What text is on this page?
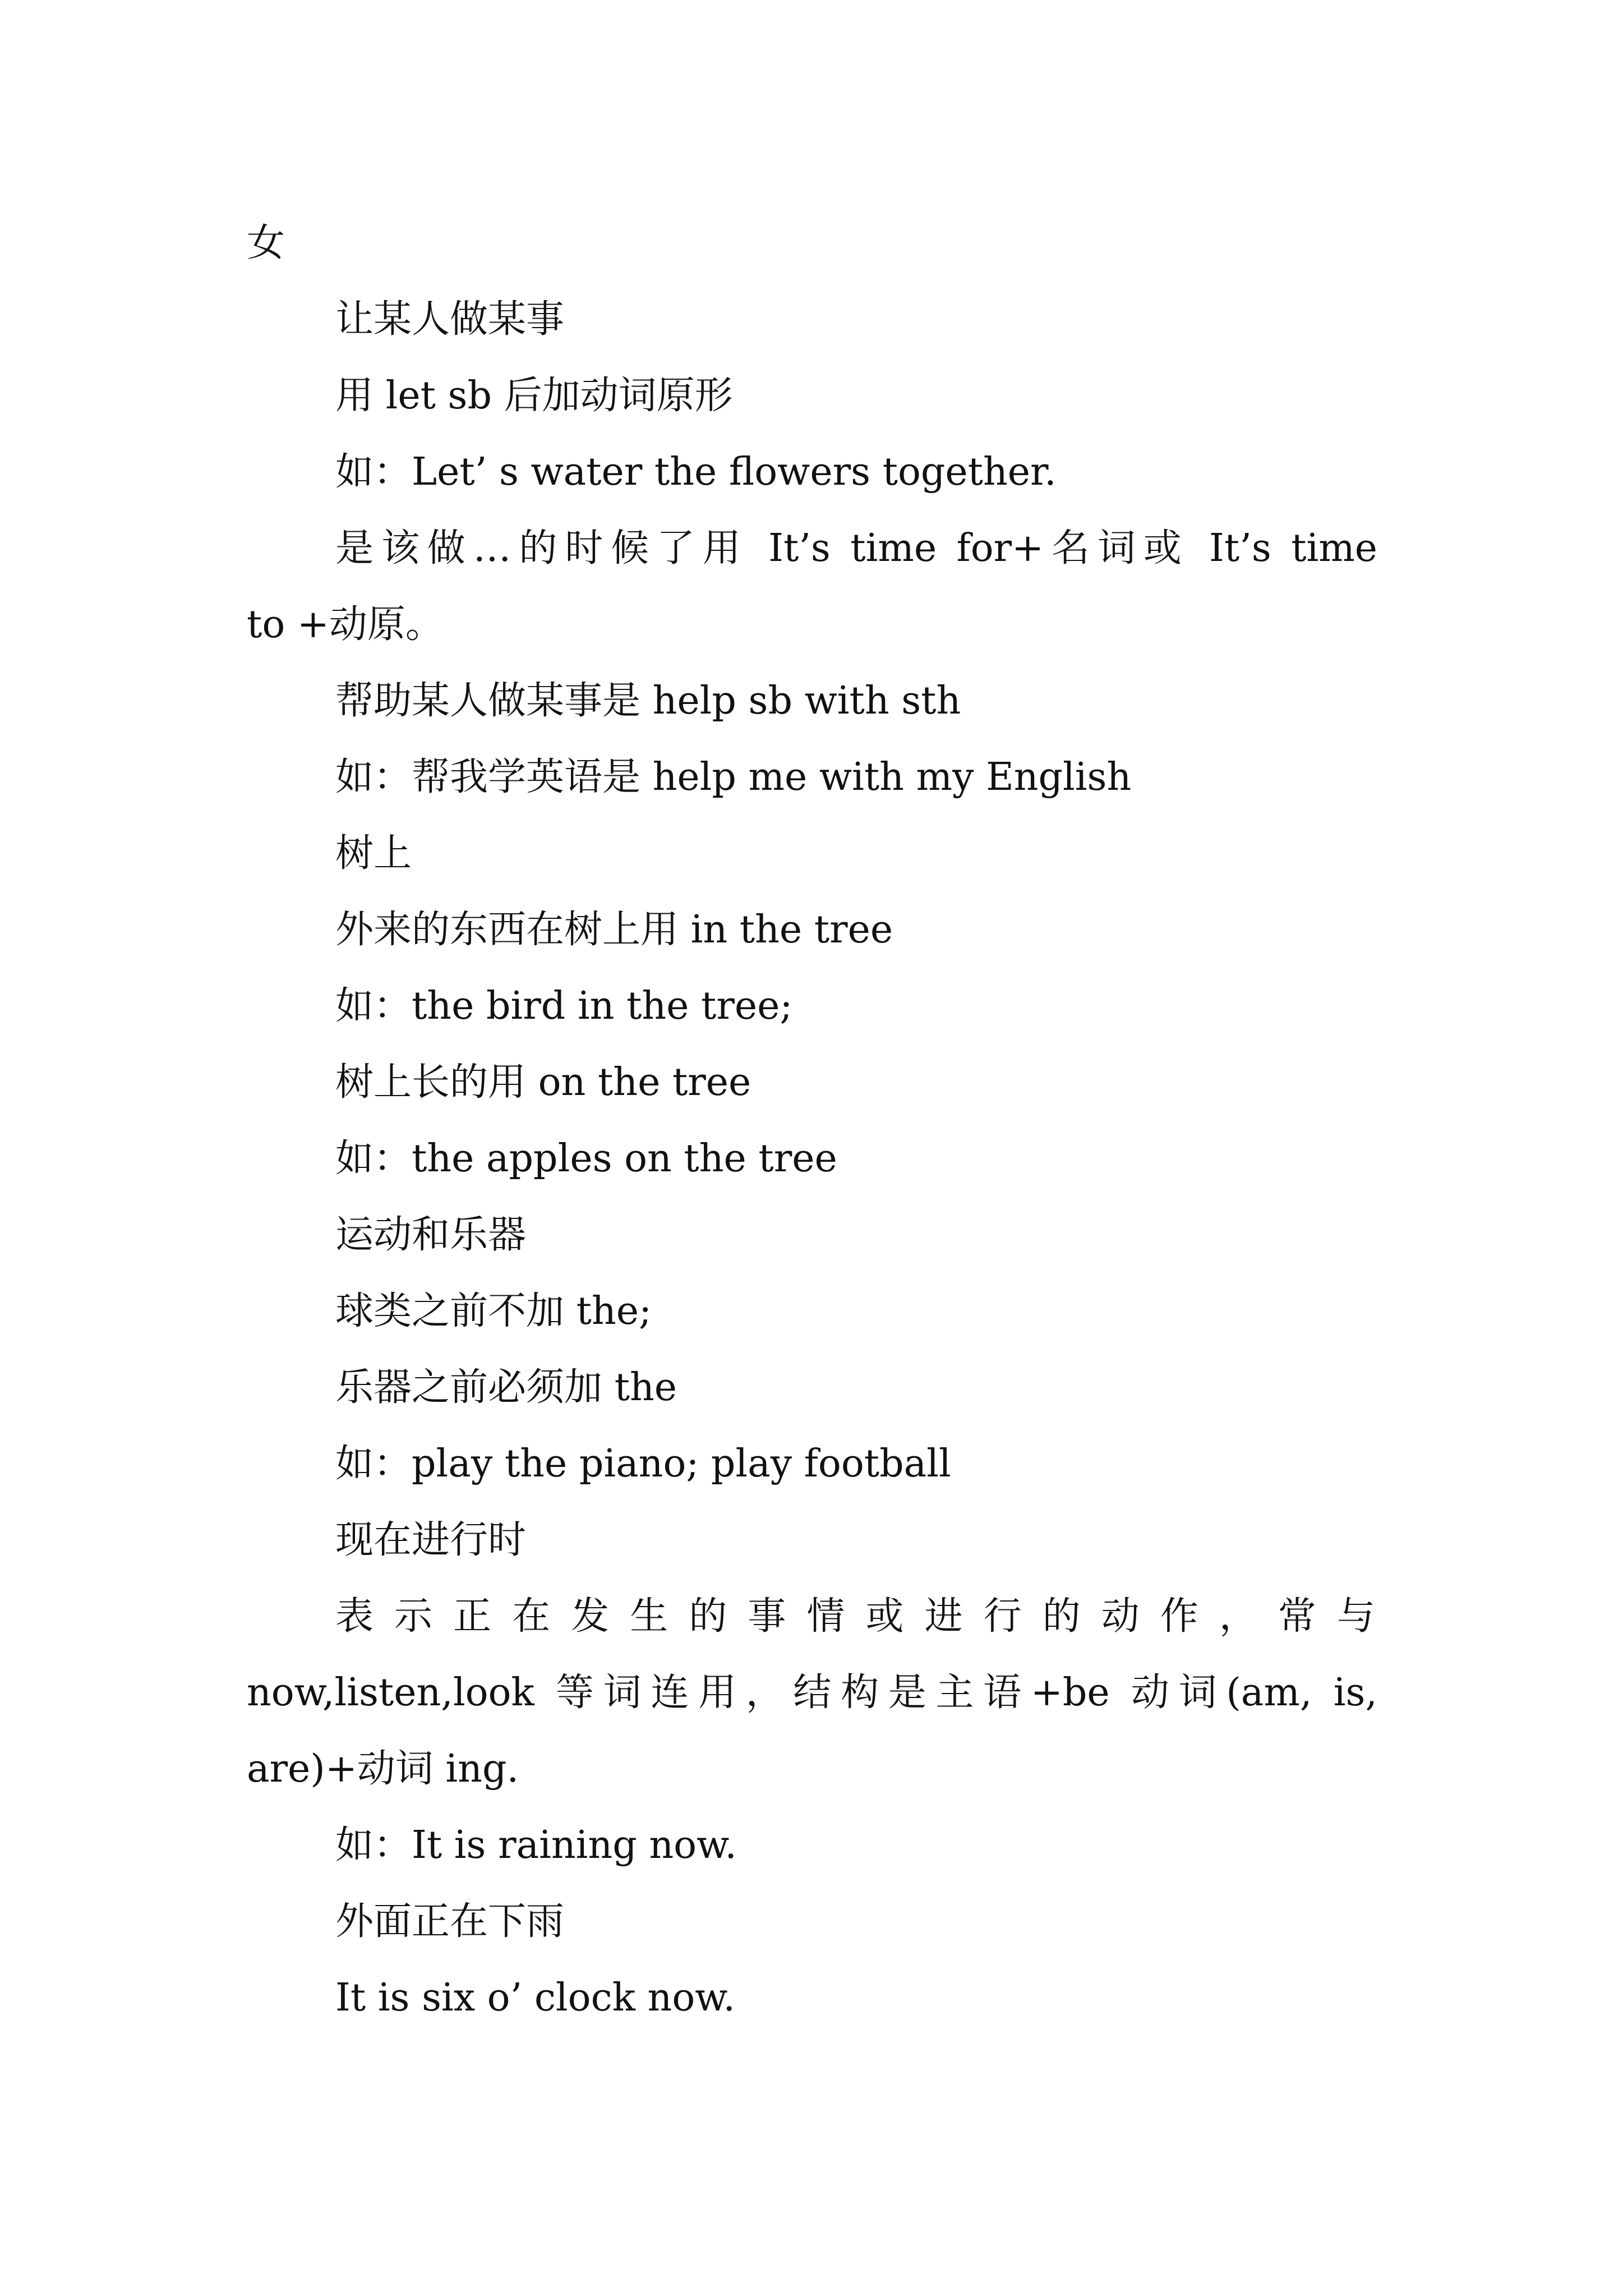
女
让某人做某事
用 let sb 后加动词原形
如：Let’ s water the flowers together.
是该做…的时候了用 It’s time for+名词或 It’s time
to +动原。
帮助某人做某事是 help sb with sth
如：帮我学英语是 help me with my English
树上
外来的东西在树上用 in the tree
如：the bird in the tree;
树上长的用 on the tree
如：the apples on the tree
运动和乐器
球类之前不加 the;
乐器之前必须加 the
如：play the piano; play football
现在进行时
表示正在发生的事情或进行的动作，常与
now,listen,look 等词连用，结构是主语+be 动词(am, is,
are)+动词 ing.
如：It is raining now.
外面正在下雨
It is six o’ clock now.
